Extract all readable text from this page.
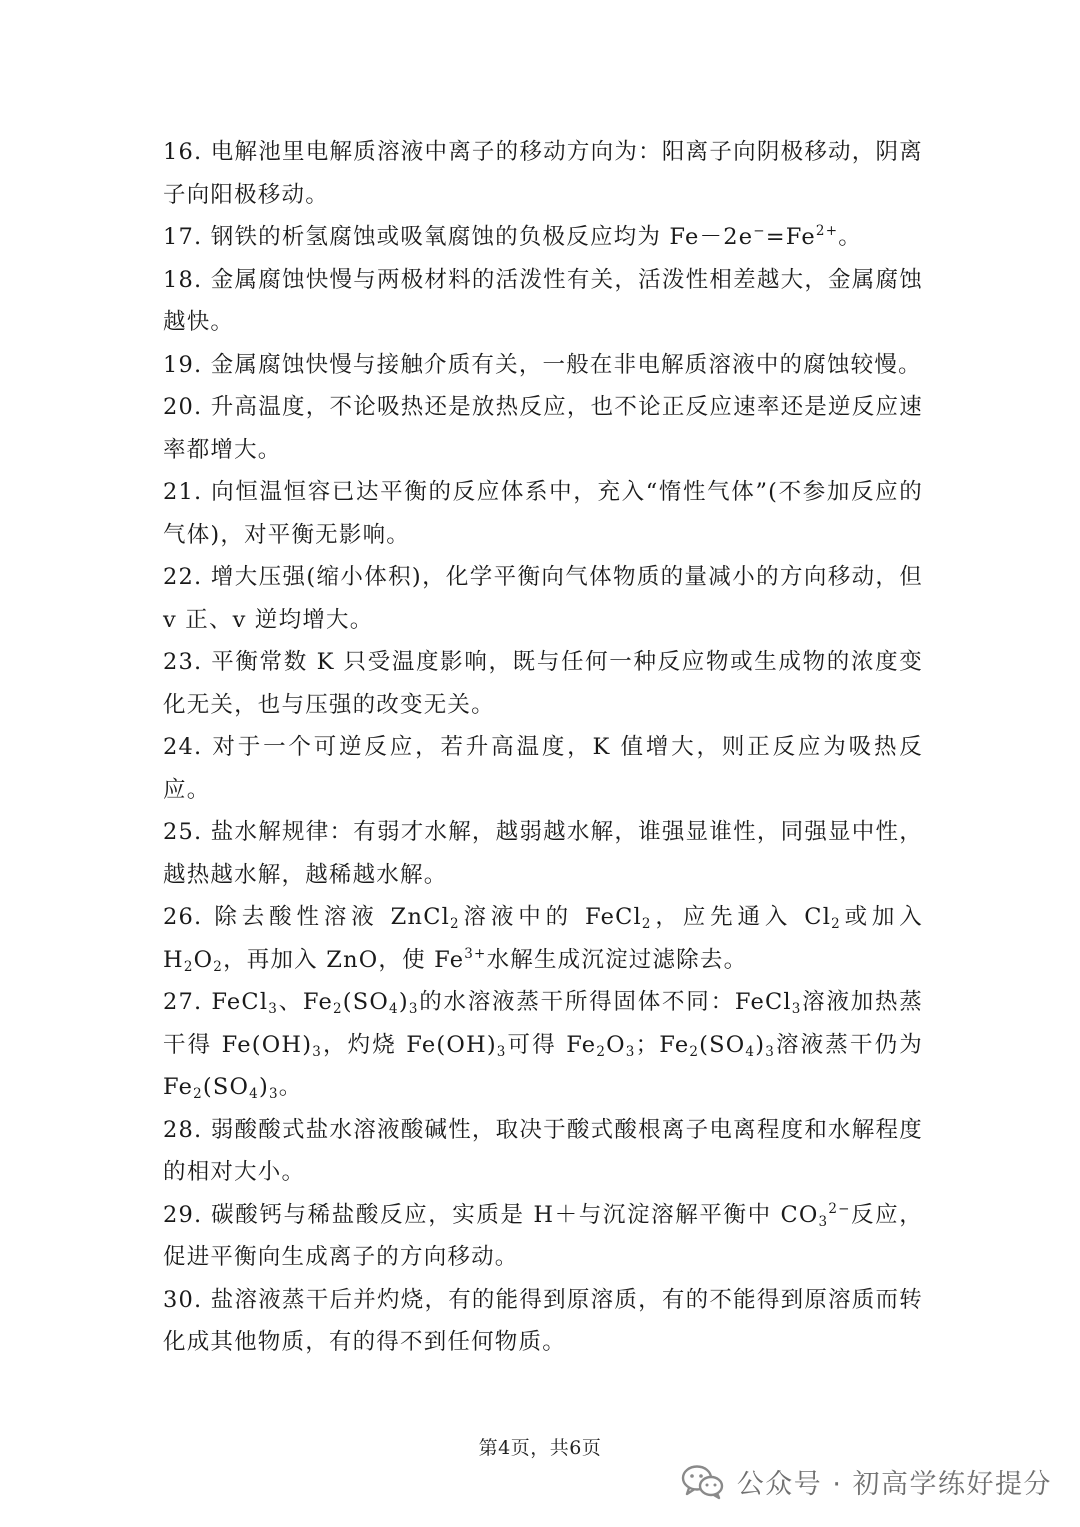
16. 电解池里电解质溶液中离子的移动方向为：阳离子向阴极移动，阴离子向阳极移动。

17. 钢铁的析氢腐蚀或吸氧腐蚀的负极反应均为 $Fe-2e^-=Fe^{2+}$。

18. 金属腐蚀快慢与两极材料的活泼性有关，活泼性相差越大，金属腐蚀越快。

19. 金属腐蚀快慢与接触介质有关，一般在非电解质溶液中的腐蚀较慢。

20. 升高温度，不论吸热还是放热反应，也不论正反应速率还是逆反应速率都增大。

21. 向恒温恒容已达平衡的反应体系中，充入“惰性气体”(不参加反应的气体)，对平衡无影响。

22. 增大压强(缩小体积)，化学平衡向气体物质的量减小的方向移动，但 v 正、v 逆均增大。

23. 平衡常数 K 只受温度影响，既与任何一种反应物或生成物的浓度变化无关，也与压强的改变无关。

24. 对于一个可逆反应，若升高温度，K 值增大，则正反应为吸热反应。

25. 盐水解规律：有弱才水解，越弱越水解，谁强显谁性，同强显中性，越热越水解，越稀越水解。

26. 除去酸性溶液 ZnCl$_2$溶液中的 FeCl$_2$，应先通入 $Cl_2$或加入 $H_2O_2$，再加入 ZnO，使 $Fe^{3+}$水解生成沉淀过滤除去。

27. FeCl$_3$、$Fe_2(SO_4)_3$的水溶液蒸干所得固体不同：FeCl$_3$溶液加热蒸干得 $Fe(OH)_3$，灼烧 $Fe(OH)_3$可得 $Fe_2O_3$；$Fe_2(SO_4)_3$溶液蒸干仍为 $Fe_2(SO_4)_3$。

28. 弱酸酸式盐水溶液酸碱性，取决于酸式酸根离子电离程度和水解程度的相对大小。

29. 碳酸钙与稀盐酸反应，实质是 H＋与沉淀溶解平衡中 $CO_3^{2-}$反应，促进平衡向生成离子的方向移动。

30. 盐溶液蒸干后并灼烧，有的能得到原溶质，有的不能得到原溶质而转化成其他物质，有的得不到任何物质。

第4页，共6页
公众号 · 初高学练好提分
